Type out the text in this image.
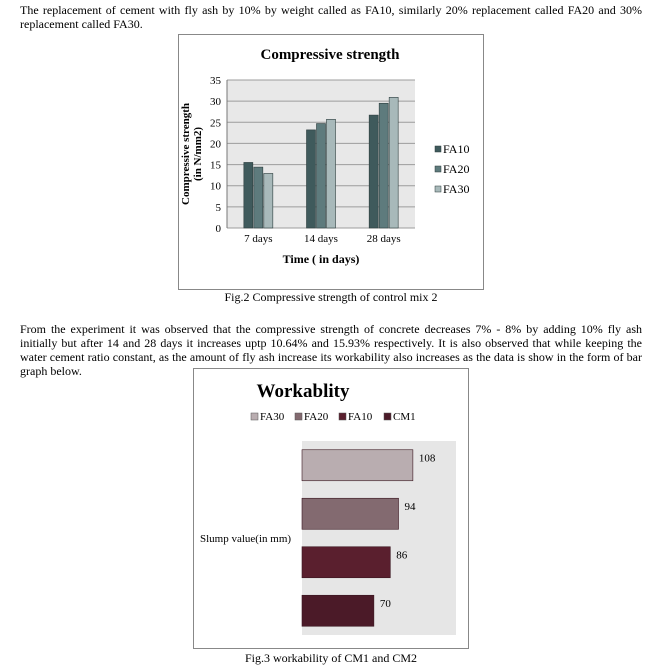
The replacement of cement with fly ash by 10% by weight called as FA10, similarly 20% replacement called FA20 and 30% replacement called FA30.
Compressive strength
0
5
10
15
20
25
30
35
7 days	14 days	28 days
Time ( in days)
Compressive strength(in N/mm2)	FA10
FA20
FA30
Fig.2 Compressive strength of control mix 2
From the experiment it was observed that the compressive strength of concrete decreases 7% - 8% by adding 10% fly ash initially but after 14 and 28 days it increases uptp 10.64% and 15.93% respectively. It is also observed that while keeping the water cement ratio constant, as the amount of fly ash increase its workability also increases as the data is show in the form of bar graph below.
Workablity
FA30 FA20 FA10 CM1
108
94
86
70
Slump value(in mm)
Fig.3 workability of CM1 and CM2
